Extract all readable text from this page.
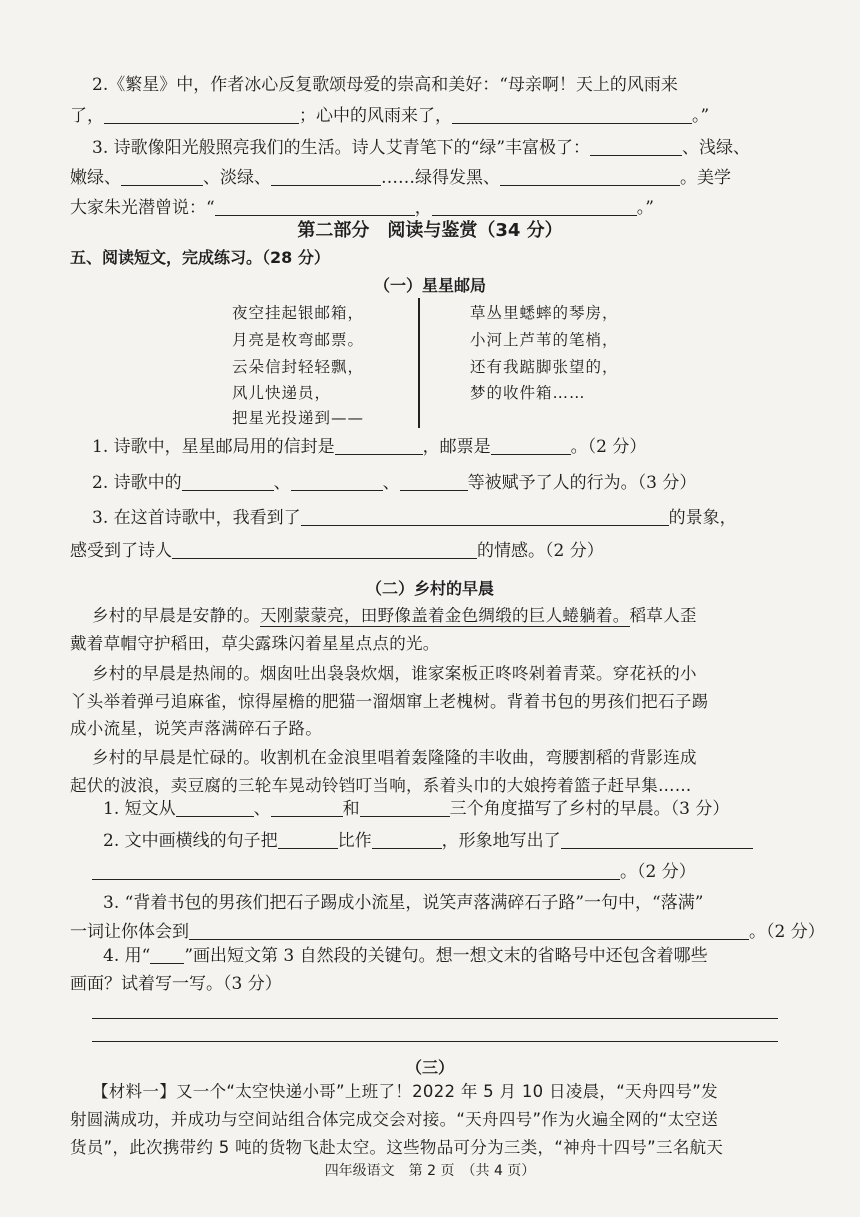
2.《繁星》中，作者冰心反复歌颂母爱的崇高和美好：“母亲啊！天上的风雨来
了，	；心中的风雨来了，	。”
3. 诗歌像阳光般照亮我们的生活。诗人艾青笔下的“绿”丰富极了：	、浅绿、
嫩绿、	、淡绿、	……绿得发黑、	。美学
大家朱光潜曾说：“	，	。”
第二部分　阅读与鉴赏（34 分）
五、阅读短文，完成练习。（28 分）
（一）星星邮局
夜空挂起银邮箱，
月亮是枚弯邮票。
云朵信封轻轻飘，
风儿快递员，
把星光投递到——
草丛里蟋蟀的琴房，
小河上芦苇的笔梢，
还有我踮脚张望的，
梦的收件箱……
1. 诗歌中，星星邮局用的信封是	，邮票是	。（2 分）
2. 诗歌中的	、	、	等被赋予了人的行为。（3 分）
3. 在这首诗歌中，我看到了	的景象，
感受到了诗人	的情感。（2 分）
（二）乡村的早晨
乡村的早晨是安静的。天刚蒙蒙亮，田野像盖着金色绸缎的巨人蜷躺着。稻草人歪
戴着草帽守护稻田，草尖露珠闪着星星点点的光。
乡村的早晨是热闹的。烟囱吐出袅袅炊烟，谁家案板正咚咚剁着青菜。穿花袄的小
丫头举着弹弓追麻雀，惊得屋檐的肥猫一溜烟窜上老槐树。背着书包的男孩们把石子踢
成小流星，说笑声落满碎石子路。
乡村的早晨是忙碌的。收割机在金浪里唱着轰隆隆的丰收曲，弯腰割稻的背影连成
起伏的波浪，卖豆腐的三轮车晃动铃铛叮当响，系着头巾的大娘挎着篮子赶早集……
1. 短文从	、	和	三个角度描写了乡村的早晨。（3 分）
2. 文中画横线的句子把	比作	，形象地写出了
。（2 分）
3. “背着书包的男孩们把石子踢成小流星，说笑声落满碎石子路”一句中，“落满”
一词让你体会到	。（2 分）
4. 用“ ”画出短文第 3 自然段的关键句。想一想文末的省略号中还包含着哪些
画面？试着写一写。（3 分）
（三）
【材料一】又一个“太空快递小哥”上班了！2022 年 5 月 10 日凌晨，“天舟四号”发
射圆满成功，并成功与空间站组合体完成交会对接。“天舟四号”作为火遍全网的“太空送
货员”，此次携带约 5 吨的货物飞赴太空。这些物品可分为三类，“神舟十四号”三名航天
四年级语文　第 2 页　（共 4 页）
